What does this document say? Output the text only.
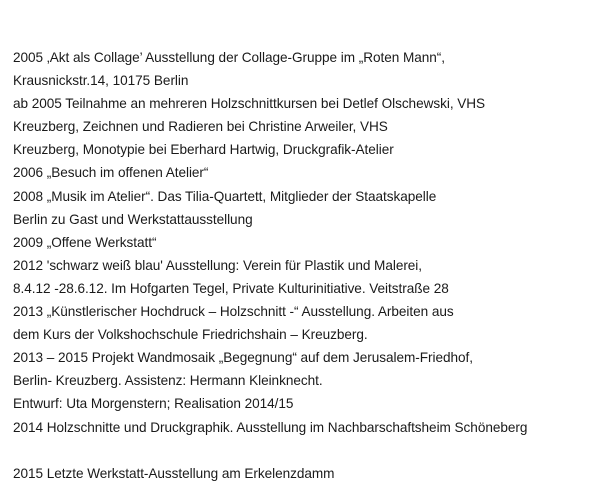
2005 ‚Akt als Collage’ Ausstellung der Collage-Gruppe im „Roten Mann“,
Krausnickstr.14, 10175 Berlin
ab 2005 Teilnahme an mehreren Holzschnittkursen bei Detlef Olschewski, VHS
Kreuzberg, Zeichnen und Radieren bei Christine Arweiler, VHS
Kreuzberg, Monotypie bei Eberhard Hartwig, Druckgrafik-Atelier
2006 „Besuch im offenen Atelier“
2008 „Musik im Atelier“. Das Tilia-Quartett, Mitglieder der Staatskapelle
Berlin zu Gast und Werkstattausstellung
2009 „Offene Werkstatt“
2012 'schwarz weiß blau' Ausstellung: Verein für Plastik und Malerei,
8.4.12 -28.6.12. Im Hofgarten Tegel, Private Kulturinitiative. Veitstraße 28
2013 „Künstlerischer Hochdruck – Holzschnitt -“ Ausstellung. Arbeiten aus
dem Kurs der Volkshochschule Friedrichshain – Kreuzberg.
2013 – 2015 Projekt Wandmosaik „Begegnung“ auf dem Jerusalem-Friedhof,
Berlin- Kreuzberg. Assistenz: Hermann Kleinknecht.
Entwurf: Uta Morgenstern; Realisation 2014/15
2014 Holzschnitte und Druckgraphik. Ausstellung im Nachbarschaftsheim Schöneberg
2015 Letzte Werkstatt-Ausstellung am Erkelenzdamm
